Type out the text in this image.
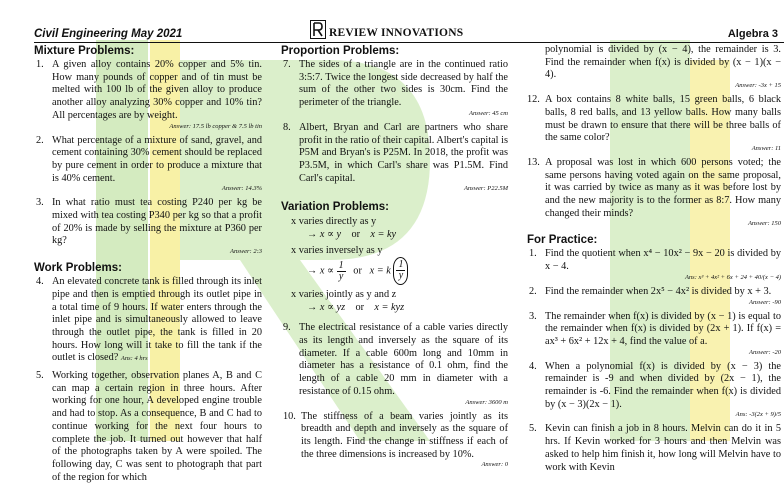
Civil Engineering May 2021	REVIEW INNOVATIONS	Algebra 3
Mixture Problems:
1. A given alloy contains 20% copper and 5% tin. How many pounds of copper and of tin must be melted with 100 lb of the given alloy to produce another alloy analyzing 30% copper and 10% tin? All percentages are by weight.
Answer: 17.5 lb copper & 7.5 lb tin
2. What percentage of a mixture of sand, gravel, and cement containing 30% cement should be replaced by pure cement in order to produce a mixture that is 40% cement.
Answer: 14.3%
3. In what ratio must tea costing P240 per kg be mixed with tea costing P340 per kg so that a profit of 20% is made by selling the mixture at P360 per kg?
Answer: 2:3
Work Problems:
4. An elevated concrete tank is filled through its inlet pipe and then is emptied through its outlet pipe in a total time of 9 hours. If water enters through the inlet pipe and is simultaneously allowed to leave through the outlet pipe, the tank is filled in 20 hours. How long will it take to fill the tank if the outlet is closed? Ans: 4 hrs
5. Working together, observation planes A, B and C can map a certain region in three hours. After working for one hour, A developed engine trouble and had to stop. As a consequence, B and C had to continue working for the next four hours to complete the job. It turned out however that half of the photographs taken by A were spoiled. The following day, C was sent to photograph that part of the region for which
Proportion Problems:
7. The sides of a triangle are in the continued ratio 3:5:7. Twice the longest side decreased by half the sum of the other two sides is 30cm. Find the perimeter of the triangle.
Answer: 45 cm
8. Albert, Bryan and Carl are partners who share profit in the ratio of their capital. Albert's capital is P5M and Bryan's is P25M. In 2018, the profit was P3.5M, in which Carl's share was P1.5M. Find Carl's capital.
Answer: P22.5M
Variation Problems:
x varies directly as y
→ x ∝ y or x = ky
x varies inversely as y
→ $x \propto \frac{1}{y}$ or x = k $\frac{1}{y}$
x varies jointly as y and z
→ x ∝ yz or x = kyz
9. The electrical resistance of a cable varies directly as its length and inversely as the square of its diameter. If a cable 600m long and 10mm in diameter has a resistance of 0.1 ohm, find the length of a cable 20 mm in diameter with a resistance of 0.15 ohm.
Answer: 3600 m
10. The stiffness of a beam varies jointly as its breadth and depth and inversely as the square of its length. Find the change in stiffness if each of the three dimensions is increased by 10%.
Answer: 0
polynomial is divided by (x − 4), the remainder is 3. Find the remainder when f(x) is divided by (x − 1)(x − 4).
Answer: -3x + 15
12. A box contains 8 white balls, 15 green balls, 6 black balls, 8 red balls, and 13 yellow balls. How many balls must be drawn to ensure that there will be three balls of the same color?
Answer: 11
13. A proposal was lost in which 600 persons voted; the same persons having voted again on the same proposal, it was carried by twice as many as it was before lost by and the new majority is to the former as 8:7. How many changed their minds?
Answer: 150
For Practice:
1. Find the quotient when x⁴ − 10x² − 9x − 20 is divided by x − 4.
Ans: x³ + 4x² + 6x + 24 + 40/(x − 4)
2. Find the remainder when 2x⁵ − 4x² is divided by x + 3.
Answer: -90
3. The remainder when f(x) is divided by (x − 1) is equal to the remainder when f(x) is divided by (2x + 1). If f(x) = ax³ + 6x² + 12x + 4, find the value of a.
Answer: -20
4. When a polynomial f(x) is divided by (x − 3) the remainder is -9 and when divided by (2x − 1), the remainder is -6. Find the remainder when f(x) is divided by (x − 3)(2x − 1).
Ans: -3(2x + 9)/5
5. Kevin can finish a job in 8 hours. Melvin can do it in 5 hrs. If Kevin worked for 3 hours and then Melvin was asked to help him finish it, how long will Melvin have to work with Kevin
